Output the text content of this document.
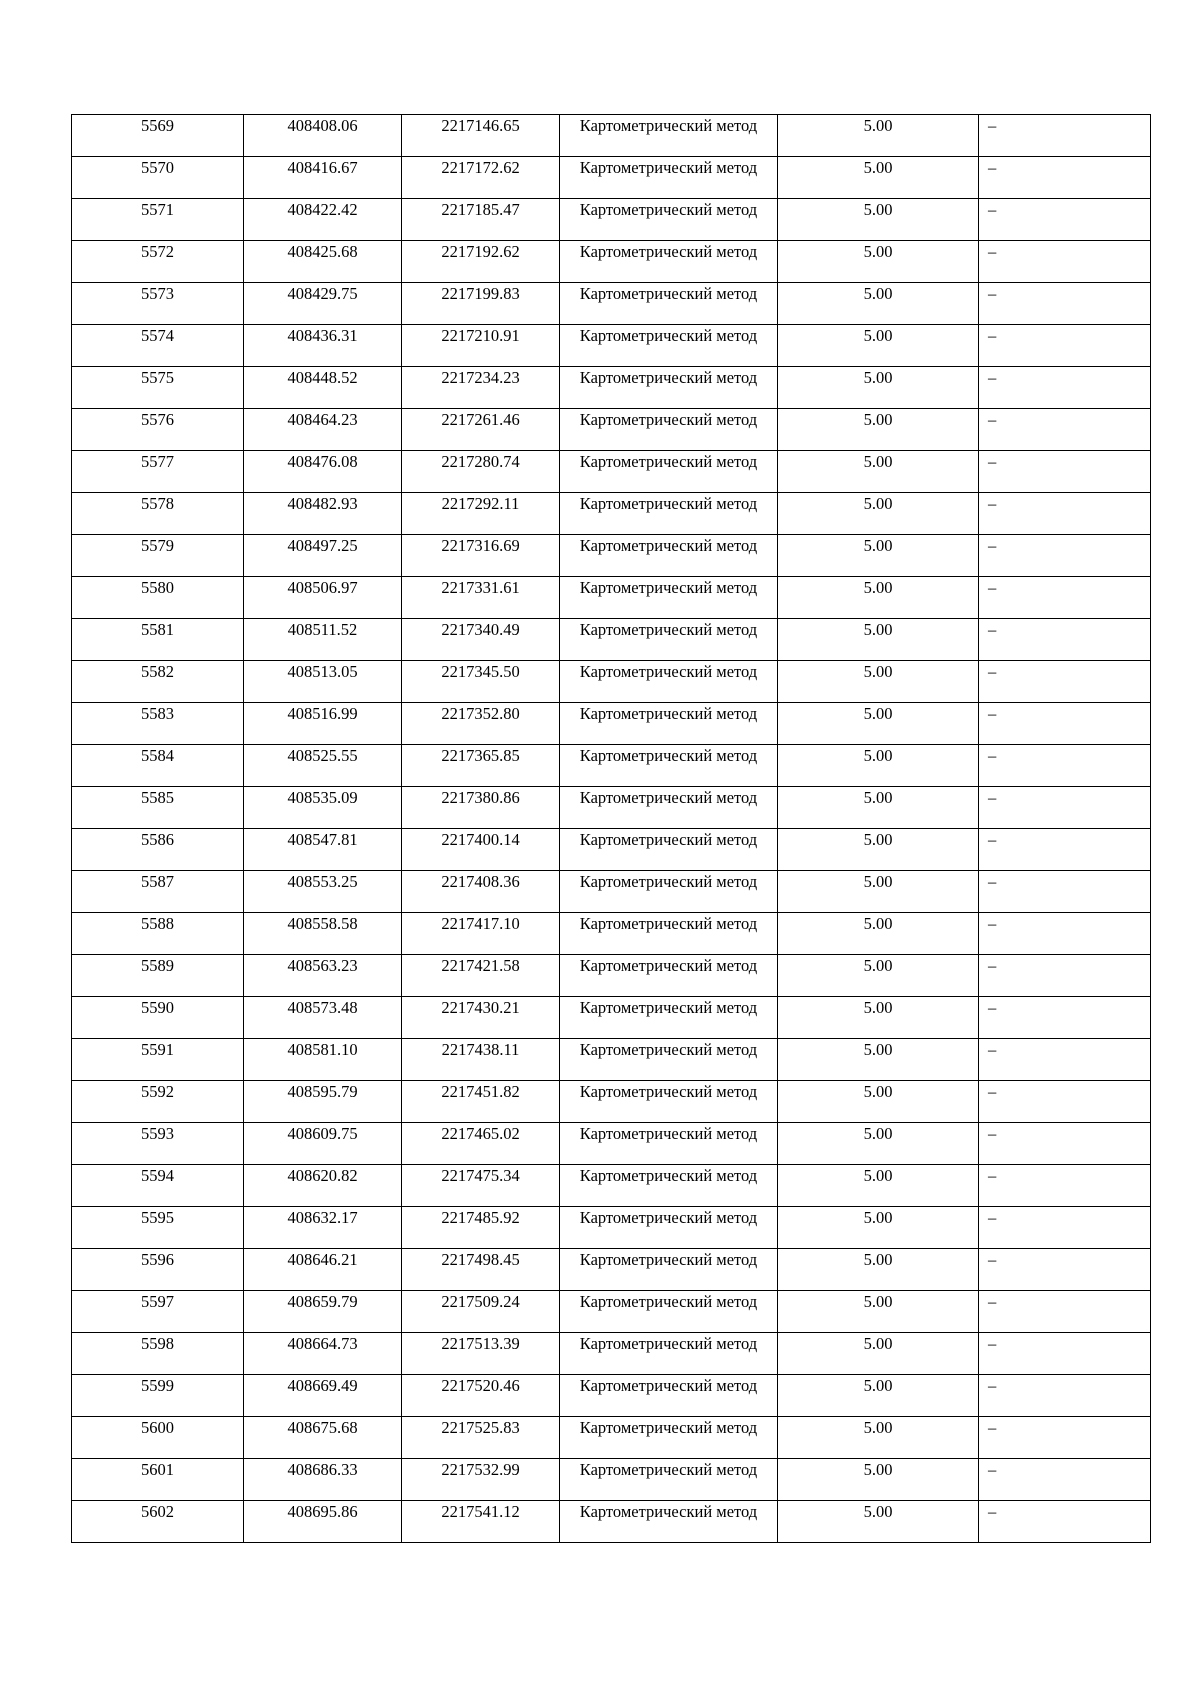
5569	408408.06	2217146.65	Картометрический метод	5.00	–

5570	408416.67	2217172.62	Картометрический метод	5.00	–

5571	408422.42	2217185.47	Картометрический метод	5.00	–

5572	408425.68	2217192.62	Картометрический метод	5.00	–

5573	408429.75	2217199.83	Картометрический метод	5.00	–

5574	408436.31	2217210.91	Картометрический метод	5.00	–

5575	408448.52	2217234.23	Картометрический метод	5.00	–

5576	408464.23	2217261.46	Картометрический метод	5.00	–

5577	408476.08	2217280.74	Картометрический метод	5.00	–

5578	408482.93	2217292.11	Картометрический метод	5.00	–

5579	408497.25	2217316.69	Картометрический метод	5.00	–

5580	408506.97	2217331.61	Картометрический метод	5.00	–

5581	408511.52	2217340.49	Картометрический метод	5.00	–

5582	408513.05	2217345.50	Картометрический метод	5.00	–

5583	408516.99	2217352.80	Картометрический метод	5.00	–

5584	408525.55	2217365.85	Картометрический метод	5.00	–

5585	408535.09	2217380.86	Картометрический метод	5.00	–

5586	408547.81	2217400.14	Картометрический метод	5.00	–

5587	408553.25	2217408.36	Картометрический метод	5.00	–

5588	408558.58	2217417.10	Картометрический метод	5.00	–

5589	408563.23	2217421.58	Картометрический метод	5.00	–

5590	408573.48	2217430.21	Картометрический метод	5.00	–

5591	408581.10	2217438.11	Картометрический метод	5.00	–

5592	408595.79	2217451.82	Картометрический метод	5.00	–

5593	408609.75	2217465.02	Картометрический метод	5.00	–

5594	408620.82	2217475.34	Картометрический метод	5.00	–

5595	408632.17	2217485.92	Картометрический метод	5.00	–

5596	408646.21	2217498.45	Картометрический метод	5.00	–

5597	408659.79	2217509.24	Картометрический метод	5.00	–

5598	408664.73	2217513.39	Картометрический метод	5.00	–

5599	408669.49	2217520.46	Картометрический метод	5.00	–

5600	408675.68	2217525.83	Картометрический метод	5.00	–

5601	408686.33	2217532.99	Картометрический метод	5.00	–

5602	408695.86	2217541.12	Картометрический метод	5.00	–
